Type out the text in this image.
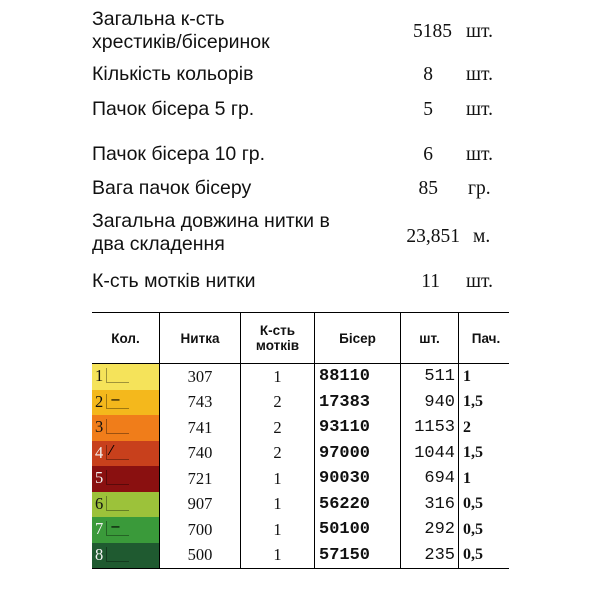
Загальна к-сть
хрестиків/бісеринок	5185 шт.
Кількість кольорів	8 шт.
Пачок бісера 5 гр.	5 шт.
Пачок бісера 10 гр.	6 шт.
Вага пачок бісеру	85 гр.
Загальна довжина нитки в
два складення	23,851 м.
К-сть мотків нитки	11 шт.
Кол.	Нитка	К-сть мотків	Бісер	шт.	Пач.

1	307	1	88110	511	1

2 −	743	2	17383	940	1,5

3	741	2	93110	1153	2

4 ⁄	740	2	97000	1044	1,5

5	721	1	90030	694	1

6	907	1	56220	316	0,5

7 −	700	1	50100	292	0,5

8	500	1	57150	235	0,5
